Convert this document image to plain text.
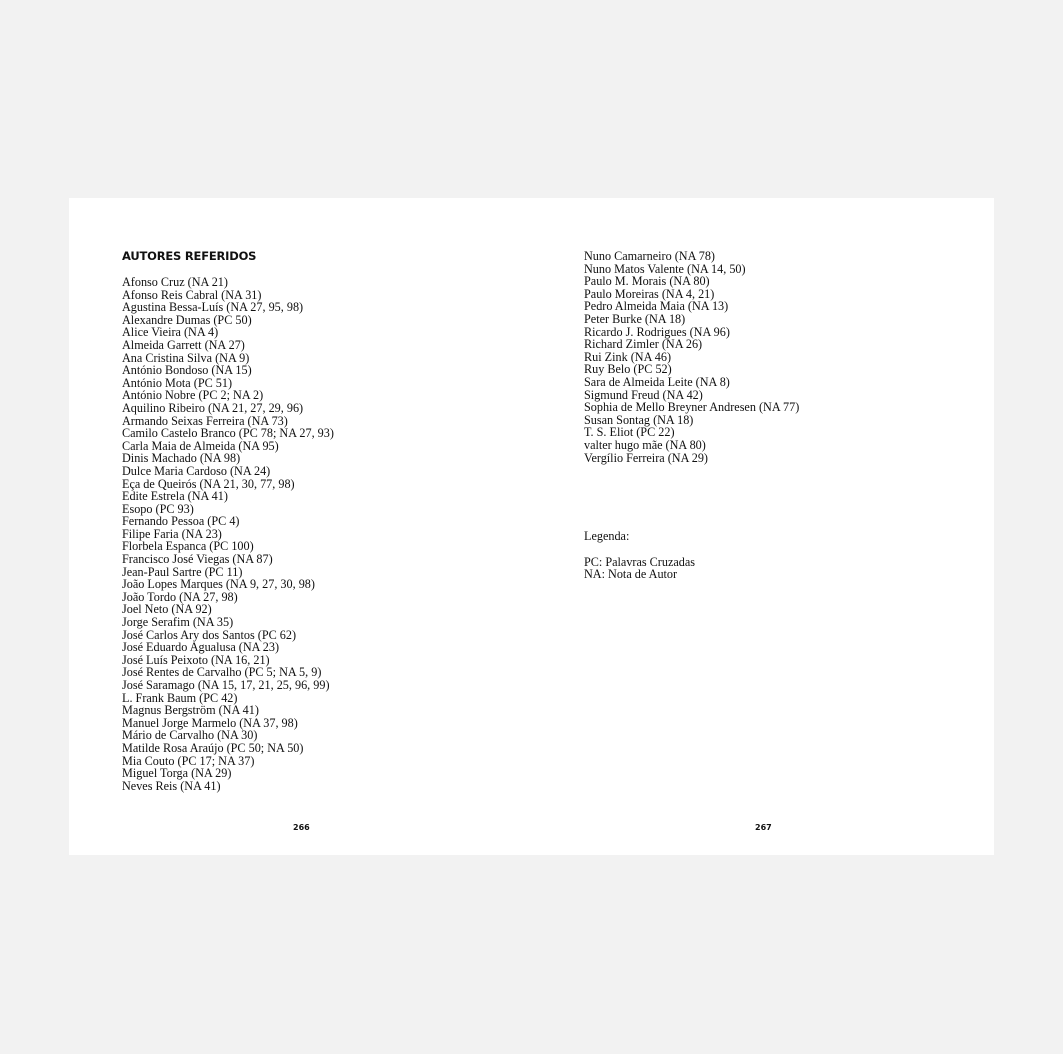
AUTORES REFERIDOS
Afonso Cruz (NA 21)
Afonso Reis Cabral (NA 31)
Agustina Bessa-Luís (NA 27, 95, 98)
Alexandre Dumas (PC 50)
Alice Vieira (NA 4)
Almeida Garrett (NA 27)
Ana Cristina Silva (NA 9)
António Bondoso (NA 15)
António Mota (PC 51)
António Nobre (PC 2; NA 2)
Aquilino Ribeiro (NA 21, 27, 29, 96)
Armando Seixas Ferreira (NA 73)
Camilo Castelo Branco (PC 78; NA 27, 93)
Carla Maia de Almeida (NA 95)
Dinis Machado (NA 98)
Dulce Maria Cardoso (NA 24)
Eça de Queirós (NA 21, 30, 77, 98)
Edite Estrela (NA 41)
Esopo (PC 93)
Fernando Pessoa (PC 4)
Filipe Faria (NA 23)
Florbela Espanca (PC 100)
Francisco José Viegas (NA 87)
Jean-Paul Sartre (PC 11)
João Lopes Marques (NA 9, 27, 30, 98)
João Tordo (NA 27, 98)
Joel Neto (NA 92)
Jorge Serafim (NA 35)
José Carlos Ary dos Santos (PC 62)
José Eduardo Agualusa (NA 23)
José Luís Peixoto (NA 16, 21)
José Rentes de Carvalho (PC 5; NA 5, 9)
José Saramago (NA 15, 17, 21, 25, 96, 99)
L. Frank Baum (PC 42)
Magnus Bergström (NA 41)
Manuel Jorge Marmelo (NA 37, 98)
Mário de Carvalho (NA 30)
Matilde Rosa Araújo (PC 50; NA 50)
Mia Couto (PC 17; NA 37)
Miguel Torga (NA 29)
Neves Reis (NA 41)
266
Nuno Camarneiro (NA 78)
Nuno Matos Valente (NA 14, 50)
Paulo M. Morais (NA 80)
Paulo Moreiras (NA 4, 21)
Pedro Almeida Maia (NA 13)
Peter Burke (NA 18)
Ricardo J. Rodrigues (NA 96)
Richard Zimler (NA 26)
Rui Zink (NA 46)
Ruy Belo (PC 52)
Sara de Almeida Leite (NA 8)
Sigmund Freud (NA 42)
Sophia de Mello Breyner Andresen (NA 77)
Susan Sontag (NA 18)
T. S. Eliot (PC 22)
valter hugo mãe (NA 80)
Vergílio Ferreira (NA 29)
Legenda:
PC: Palavras Cruzadas
NA: Nota de Autor
267
